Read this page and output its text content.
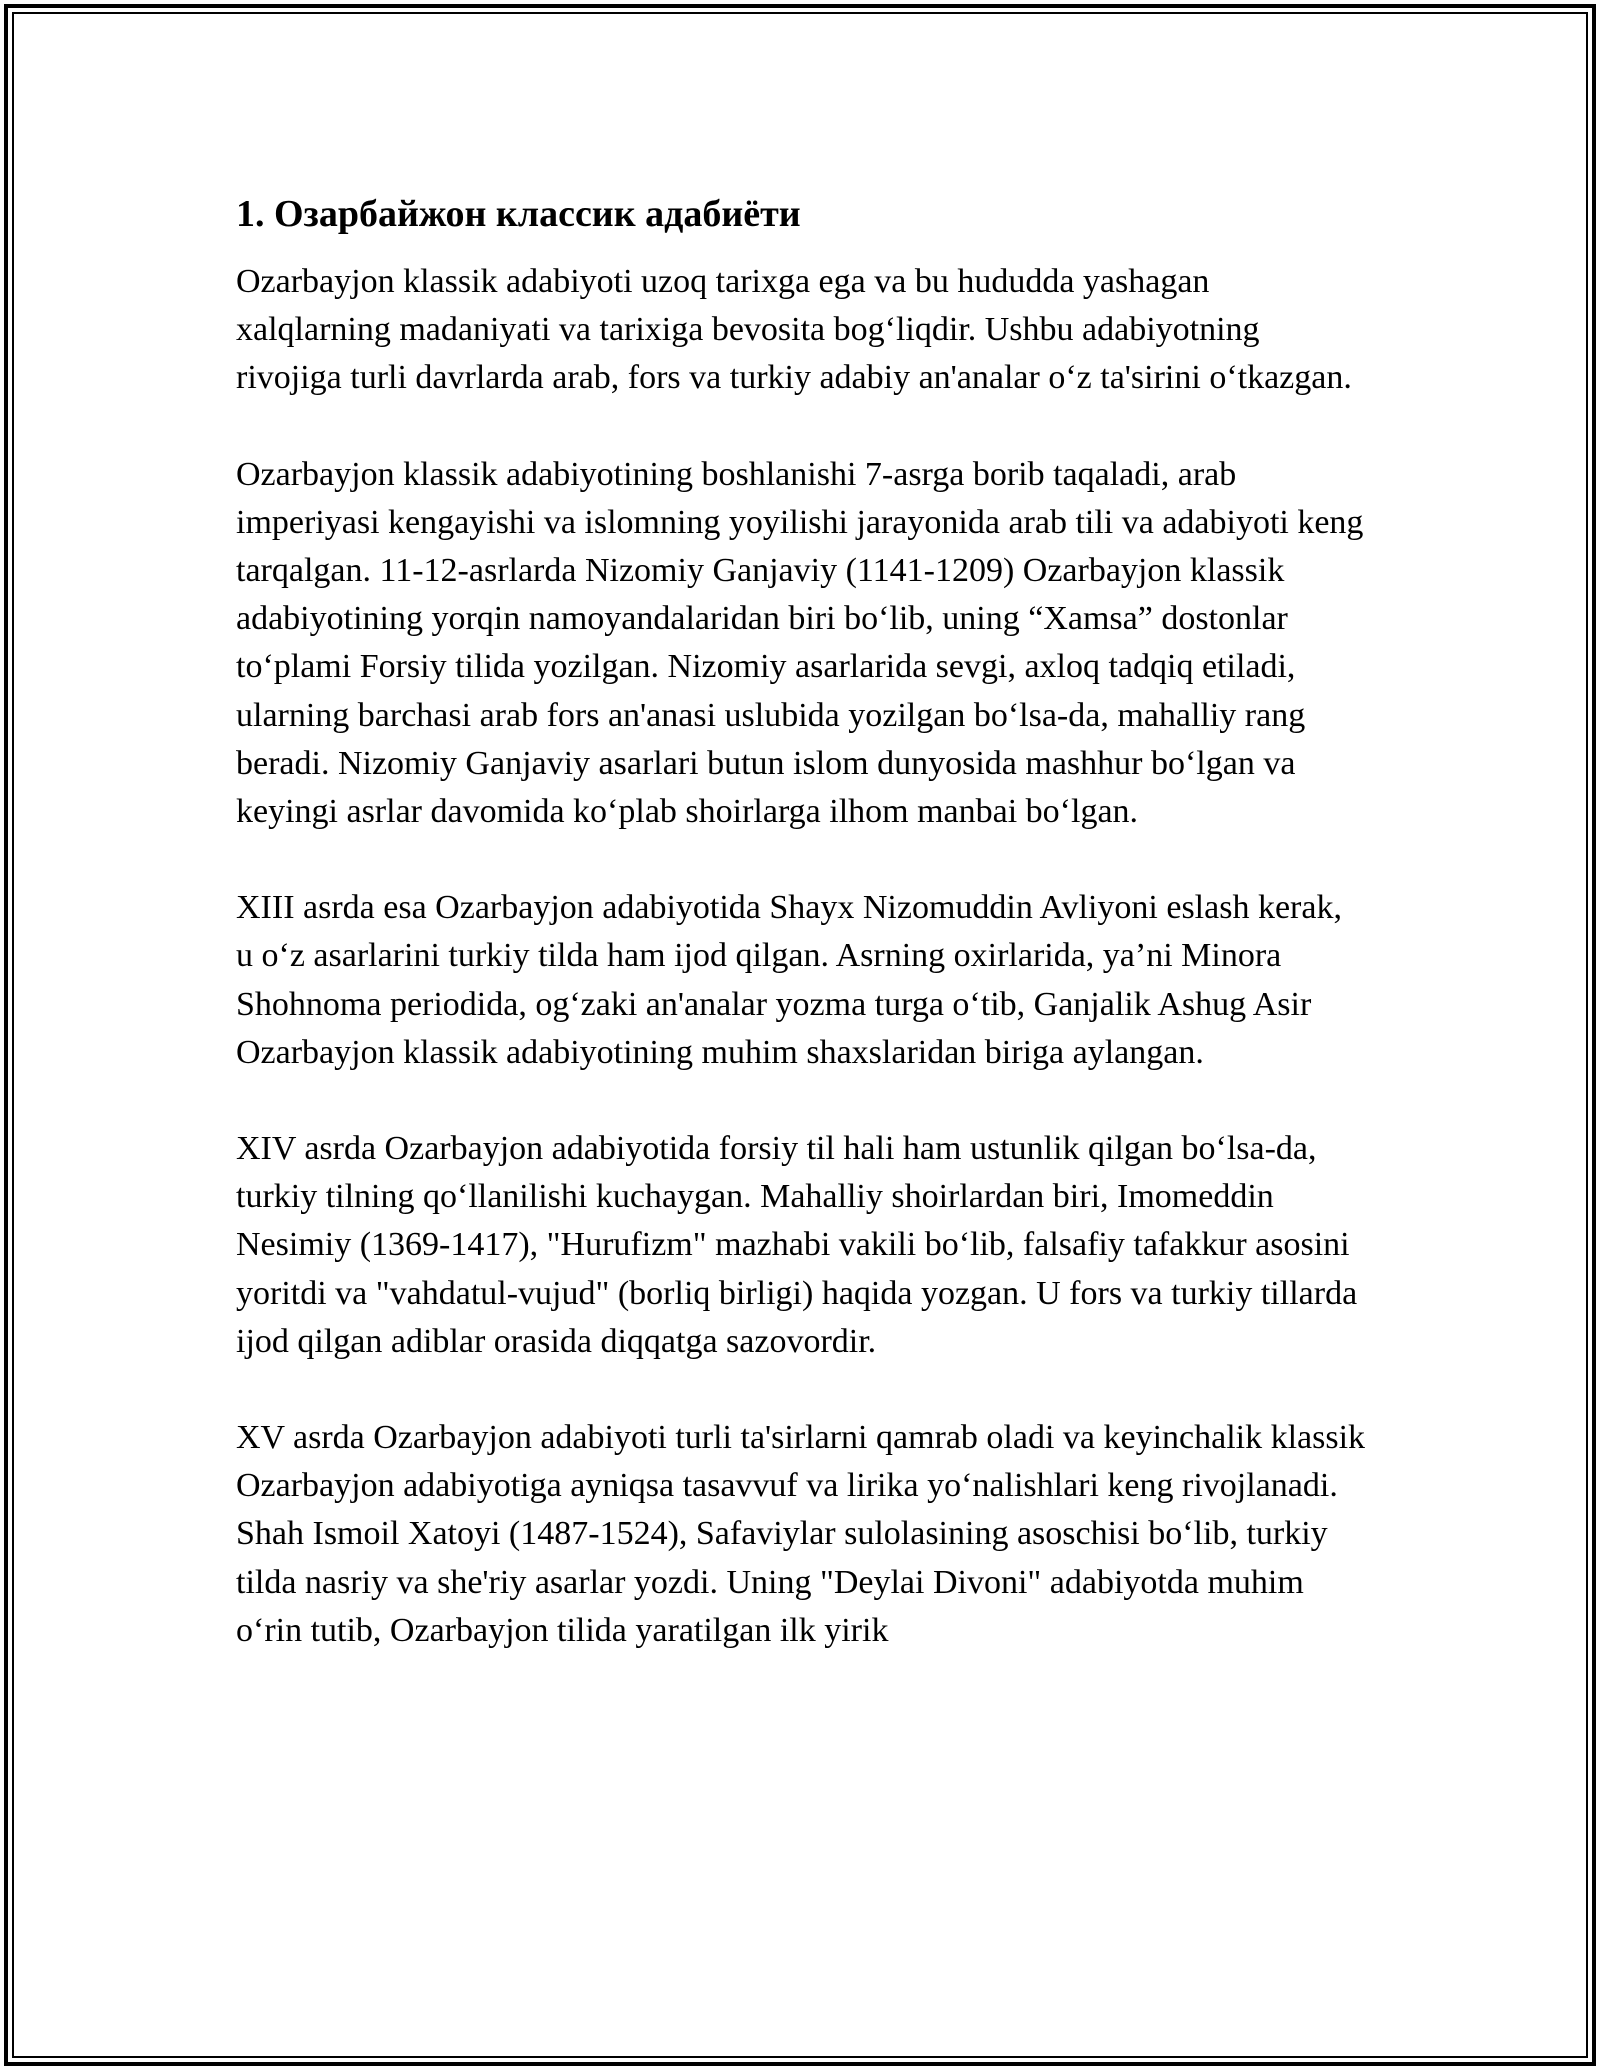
1. Озарбайжон классик адабиёти

Ozarbayjon klassik adabiyoti uzoq tarixga ega va bu hududda yashagan xalqlarning madaniyati va tarixiga bevosita bog‘liqdir. Ushbu adabiyotning rivojiga turli davrlarda arab, fors va turkiy adabiy an'analar o‘z ta'sirini o‘tkazgan.

Ozarbayjon klassik adabiyotining boshlanishi 7-asrga borib taqaladi, arab imperiyasi kengayishi va islomning yoyilishi jarayonida arab tili va adabiyoti keng tarqalgan. 11-12-asrlarda Nizomiy Ganjaviy (1141-1209) Ozarbayjon klassik adabiyotining yorqin namoyandalaridan biri bo‘lib, uning “Xamsa” dostonlar to‘plami Forsiy tilida yozilgan. Nizomiy asarlarida sevgi, axloq tadqiq etiladi, ularning barchasi arab fors an'anasi uslubida yozilgan bo‘lsa-da, mahalliy rang beradi. Nizomiy Ganjaviy asarlari butun islom dunyosida mashhur bo‘lgan va keyingi asrlar davomida ko‘plab shoirlarga ilhom manbai bo‘lgan.

XIII asrda esa Ozarbayjon adabiyotida Shayx Nizomuddin Avliyoni eslash kerak, u o‘z asarlarini turkiy tilda ham ijod qilgan. Asrning oxirlarida, ya’ni Minora Shohnoma periodida, og‘zaki an'analar yozma turga o‘tib, Ganjalik Ashug Asir Ozarbayjon klassik adabiyotining muhim shaxslaridan biriga aylangan.

XIV asrda Ozarbayjon adabiyotida forsiy til hali ham ustunlik qilgan bo‘lsa-da, turkiy tilning qo‘llanilishi kuchaygan. Mahalliy shoirlardan biri, Imomeddin Nesimiy (1369-1417), "Hurufizm" mazhabi vakili bo‘lib, falsafiy tafakkur asosini yoritdi va "vahdatul-vujud" (borliq birligi) haqida yozgan. U fors va turkiy tillarda ijod qilgan adiblar orasida diqqatga sazovordir.

XV asrda Ozarbayjon adabiyoti turli ta'sirlarni qamrab oladi va keyinchalik klassik Ozarbayjon adabiyotiga ayniqsa tasavvuf va lirika yo‘nalishlari keng rivojlanadi. Shah Ismoil Xatoyi (1487-1524), Safaviylar sulolasining asoschisi bo‘lib, turkiy tilda nasriy va she'riy asarlar yozdi. Uning "Deylai Divoni" adabiyotda muhim o‘rin tutib, Ozarbayjon tilida yaratilgan ilk yirik
